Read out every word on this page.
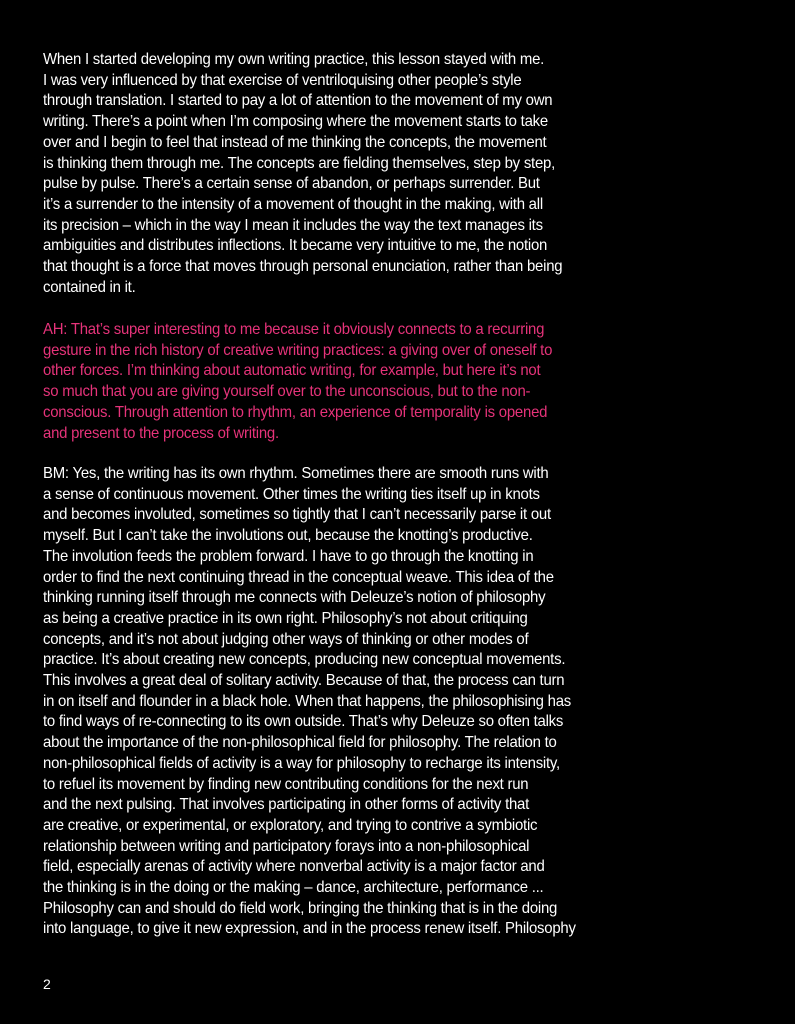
When I started developing my own writing practice, this lesson stayed with me.
I was very influenced by that exercise of ventriloquising other people’s style
through translation. I started to pay a lot of attention to the movement of my own
writing. There’s a point when I’m composing where the movement starts to take
over and I begin to feel that instead of me thinking the concepts, the movement
is thinking them through me. The concepts are fielding themselves, step by step,
pulse by pulse. There’s a certain sense of abandon, or perhaps surrender. But
it’s a surrender to the intensity of a movement of thought in the making, with all
its precision – which in the way I mean it includes the way the text manages its
ambiguities and distributes inflections. It became very intuitive to me, the notion
that thought is a force that moves through personal enunciation, rather than being
contained in it.

AH: That’s super interesting to me because it obviously connects to a recurring
gesture in the rich history of creative writing practices: a giving over of oneself to
other forces. I’m thinking about automatic writing, for example, but here it’s not
so much that you are giving yourself over to the unconscious, but to the non-
conscious. Through attention to rhythm, an experience of temporality is opened
and present to the process of writing.

BM: Yes, the writing has its own rhythm. Sometimes there are smooth runs with
a sense of continuous movement. Other times the writing ties itself up in knots
and becomes involuted, sometimes so tightly that I can’t necessarily parse it out
myself. But I can’t take the involutions out, because the knotting’s productive.
The involution feeds the problem forward. I have to go through the knotting in
order to find the next continuing thread in the conceptual weave. This idea of the
thinking running itself through me connects with Deleuze’s notion of philosophy
as being a creative practice in its own right. Philosophy’s not about critiquing
concepts, and it’s not about judging other ways of thinking or other modes of
practice. It’s about creating new concepts, producing new conceptual movements.
This involves a great deal of solitary activity. Because of that, the process can turn
in on itself and flounder in a black hole. When that happens, the philosophising has
to find ways of re-connecting to its own outside. That’s why Deleuze so often talks
about the importance of the non-philosophical field for philosophy. The relation to
non-philosophical fields of activity is a way for philosophy to recharge its intensity,
to refuel its movement by finding new contributing conditions for the next run
and the next pulsing. That involves participating in other forms of activity that
are creative, or experimental, or exploratory, and trying to contrive a symbiotic
relationship between writing and participatory forays into a non-philosophical
field, especially arenas of activity where nonverbal activity is a major factor and
the thinking is in the doing or the making – dance, architecture, performance ...
Philosophy can and should do field work, bringing the thinking that is in the doing
into language, to give it new expression, and in the process renew itself. Philosophy

2
